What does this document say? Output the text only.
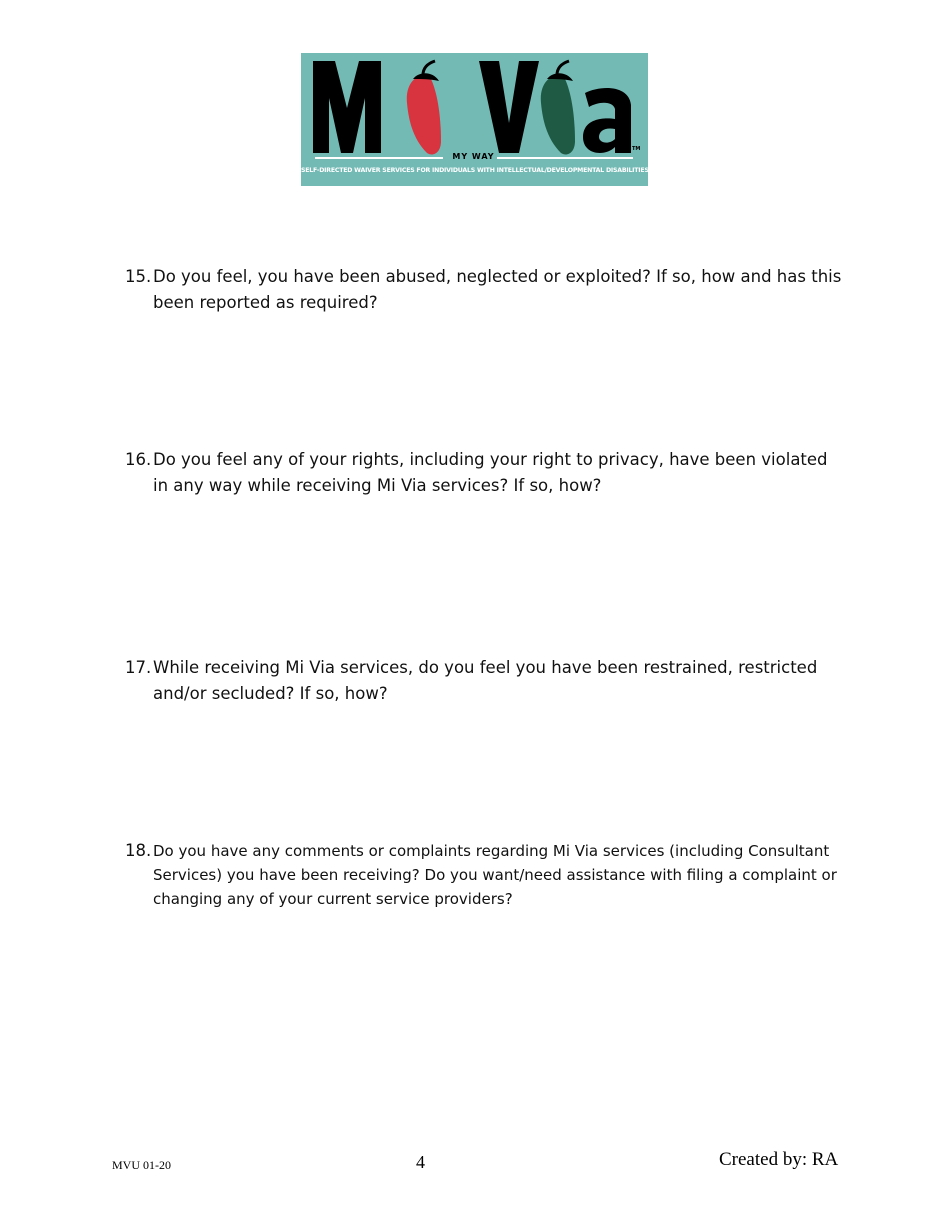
MY WAY
TM
SELF-DIRECTED WAIVER SERVICES FOR INDIVIDUALS WITH INTELLECTUAL/DEVELOPMENTAL DISABILITIES
15. Do you feel, you have been abused, neglected or exploited? If so, how and has this been reported as required?
16. Do you feel any of your rights, including your right to privacy, have been violated in any way while receiving Mi Via services? If so, how?
17. While receiving Mi Via services, do you feel you have been restrained, restricted and/or secluded? If so, how?
18. Do you have any comments or complaints regarding Mi Via services (including Consultant Services) you have been receiving? Do you want/need assistance with filing a complaint or changing any of your current service providers?
MVU 01-20	4	Created by: RA
